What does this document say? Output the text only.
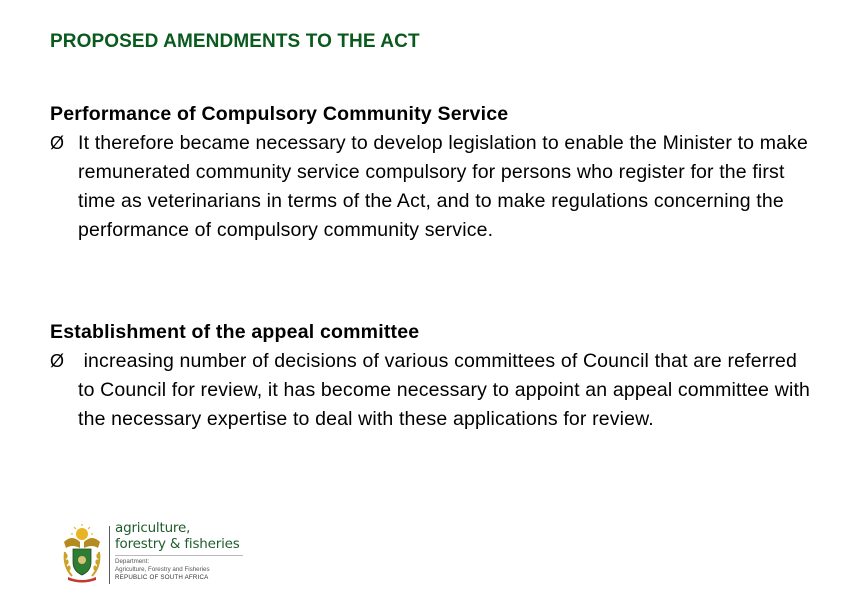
PROPOSED AMENDMENTS TO THE ACT
Performance of Compulsory Community Service
Ø It therefore became necessary to develop legislation to enable the Minister to make remunerated community service compulsory for persons who register for the first time as veterinarians in terms of the Act, and to make regulations concerning the performance of compulsory community service.
Establishment of the appeal committee
Ø increasing number of decisions of various committees of Council that are referred to Council for review, it has become necessary to appoint an appeal committee with the necessary expertise to deal with these applications for review.
agriculture,
forestry & fisheries
Department:
Agriculture, Forestry and Fisheries
REPUBLIC OF SOUTH AFRICA
